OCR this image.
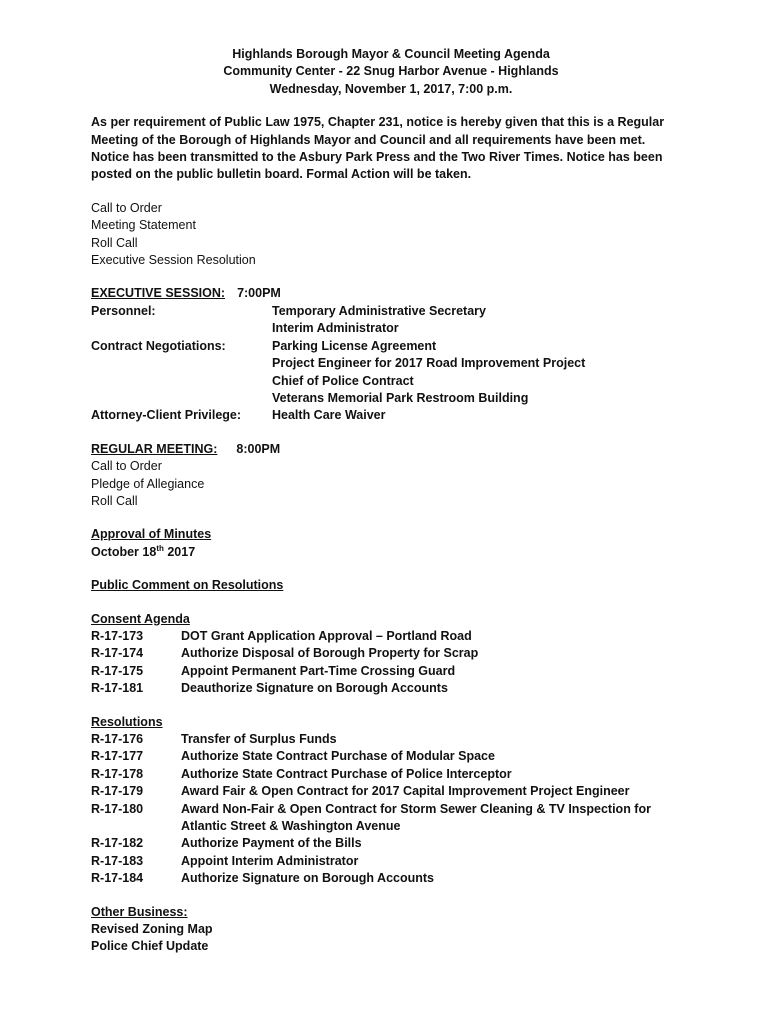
Highlands Borough Mayor & Council Meeting Agenda
Community Center - 22 Snug Harbor Avenue - Highlands
Wednesday, November 1, 2017, 7:00 p.m.
As per requirement of Public Law 1975, Chapter 231, notice is hereby given that this is a Regular Meeting of the Borough of Highlands Mayor and Council and all requirements have been met. Notice has been transmitted to the Asbury Park Press and the Two River Times. Notice has been posted on the public bulletin board. Formal Action will be taken.
Call to Order
Meeting Statement
Roll Call
Executive Session Resolution
EXECUTIVE SESSION: 7:00PM
Personnel:	Temporary Administrative Secretary
Interim Administrator
Contract Negotiations:	Parking License Agreement
Project Engineer for 2017 Road Improvement Project
Chief of Police Contract
Veterans Memorial Park Restroom Building
Attorney-Client Privilege:	Health Care Waiver
REGULAR MEETING: 8:00PM
Call to Order
Pledge of Allegiance
Roll Call
Approval of Minutes
October 18th 2017
Public Comment on Resolutions
Consent Agenda
R-17-173	DOT Grant Application Approval – Portland Road
R-17-174	Authorize Disposal of Borough Property for Scrap
R-17-175	Appoint Permanent Part-Time Crossing Guard
R-17-181	Deauthorize Signature on Borough Accounts
Resolutions
R-17-176	Transfer of Surplus Funds
R-17-177	Authorize State Contract Purchase of Modular Space
R-17-178	Authorize State Contract Purchase of Police Interceptor
R-17-179	Award Fair & Open Contract for 2017 Capital Improvement Project Engineer
R-17-180	Award Non-Fair & Open Contract for Storm Sewer Cleaning & TV Inspection for Atlantic Street & Washington Avenue
R-17-182	Authorize Payment of the Bills
R-17-183	Appoint Interim Administrator
R-17-184	Authorize Signature on Borough Accounts
Other Business:
Revised Zoning Map
Police Chief Update
